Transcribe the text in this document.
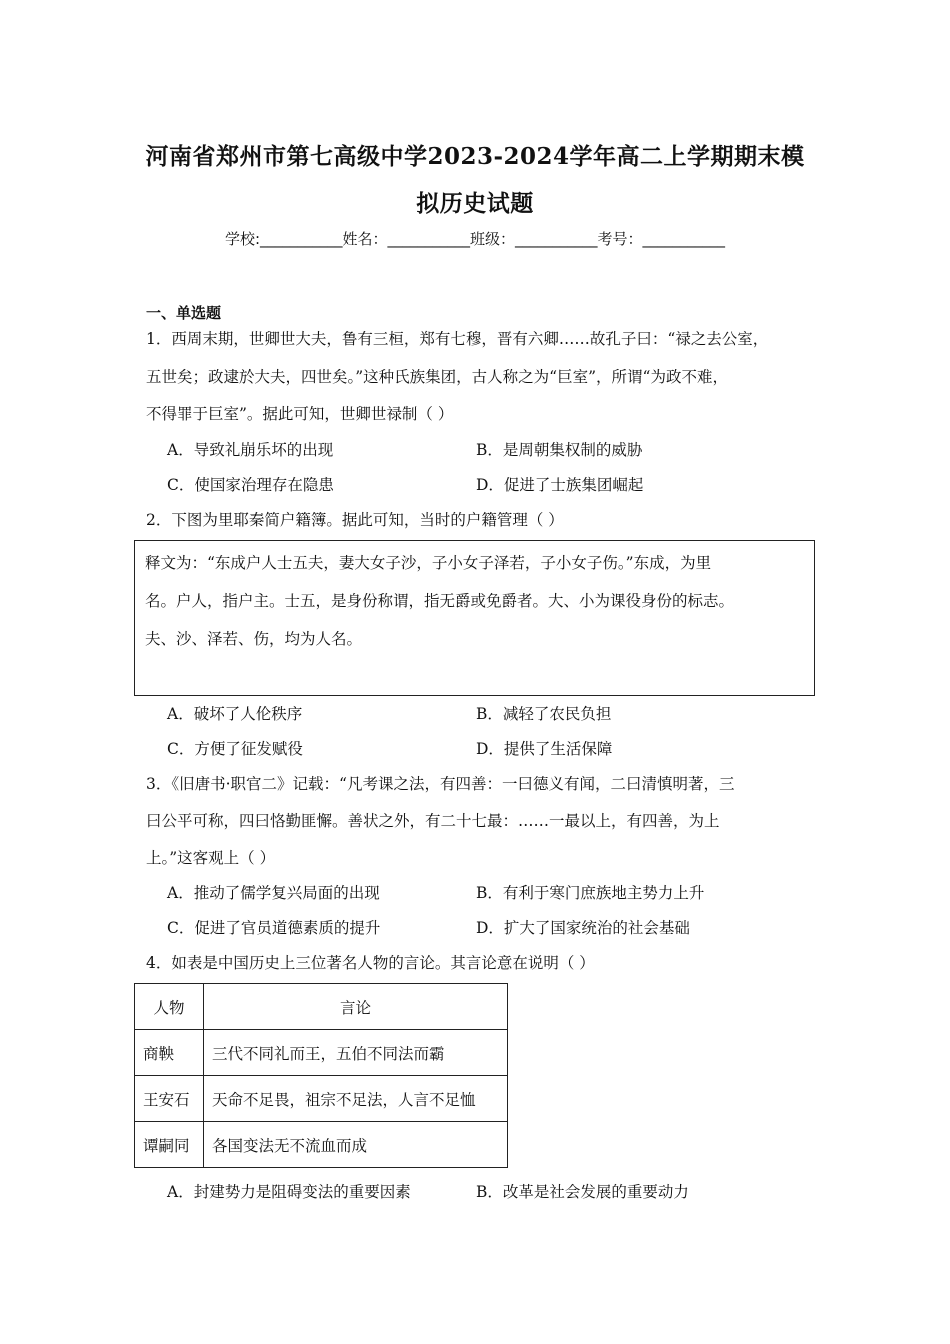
河南省郑州市第七高级中学2023-2024学年高二上学期期末模
拟历史试题
学校:___________姓名：___________班级：___________考号：___________
一、单选题
1．西周末期，世卿世大夫，鲁有三桓，郑有七穆，晋有六卿……故孔子曰：“禄之去公室，
五世矣；政逮於大夫，四世矣。”这种氏族集团，古人称之为“巨室”，所谓“为政不难，
不得罪于巨室”。据此可知，世卿世禄制（ ）
A．导致礼崩乐坏的出现	B．是周朝集权制的威胁
C．使国家治理存在隐患	D．促进了士族集团崛起
2．下图为里耶秦简户籍簿。据此可知，当时的户籍管理（ ）
释文为：“东成户人士五夫，妻大女子沙，子小女子泽若，子小女子伤。”东成，为里
名。户人，指户主。士五，是身份称谓，指无爵或免爵者。大、小为课役身份的标志。
夫、沙、泽若、伤，均为人名。
A．破坏了人伦秩序	B．减轻了农民负担
C．方便了征发赋役	D．提供了生活保障
3．《旧唐书·职官二》记载：“凡考课之法，有四善：一曰德义有闻，二曰清慎明著，三
曰公平可称，四曰恪勤匪懈。善状之外，有二十七最：……一最以上，有四善，为上
上。”这客观上（ ）
A．推动了儒学复兴局面的出现	B．有利于寒门庶族地主势力上升
C．促进了官员道德素质的提升	D．扩大了国家统治的社会基础
4．如表是中国历史上三位著名人物的言论。其言论意在说明（ ）
人物	言论
商鞅	三代不同礼而王，五伯不同法而霸
王安石	天命不足畏，祖宗不足法，人言不足恤
谭嗣同	各国变法无不流血而成
A．封建势力是阻碍变法的重要因素	B．改革是社会发展的重要动力
